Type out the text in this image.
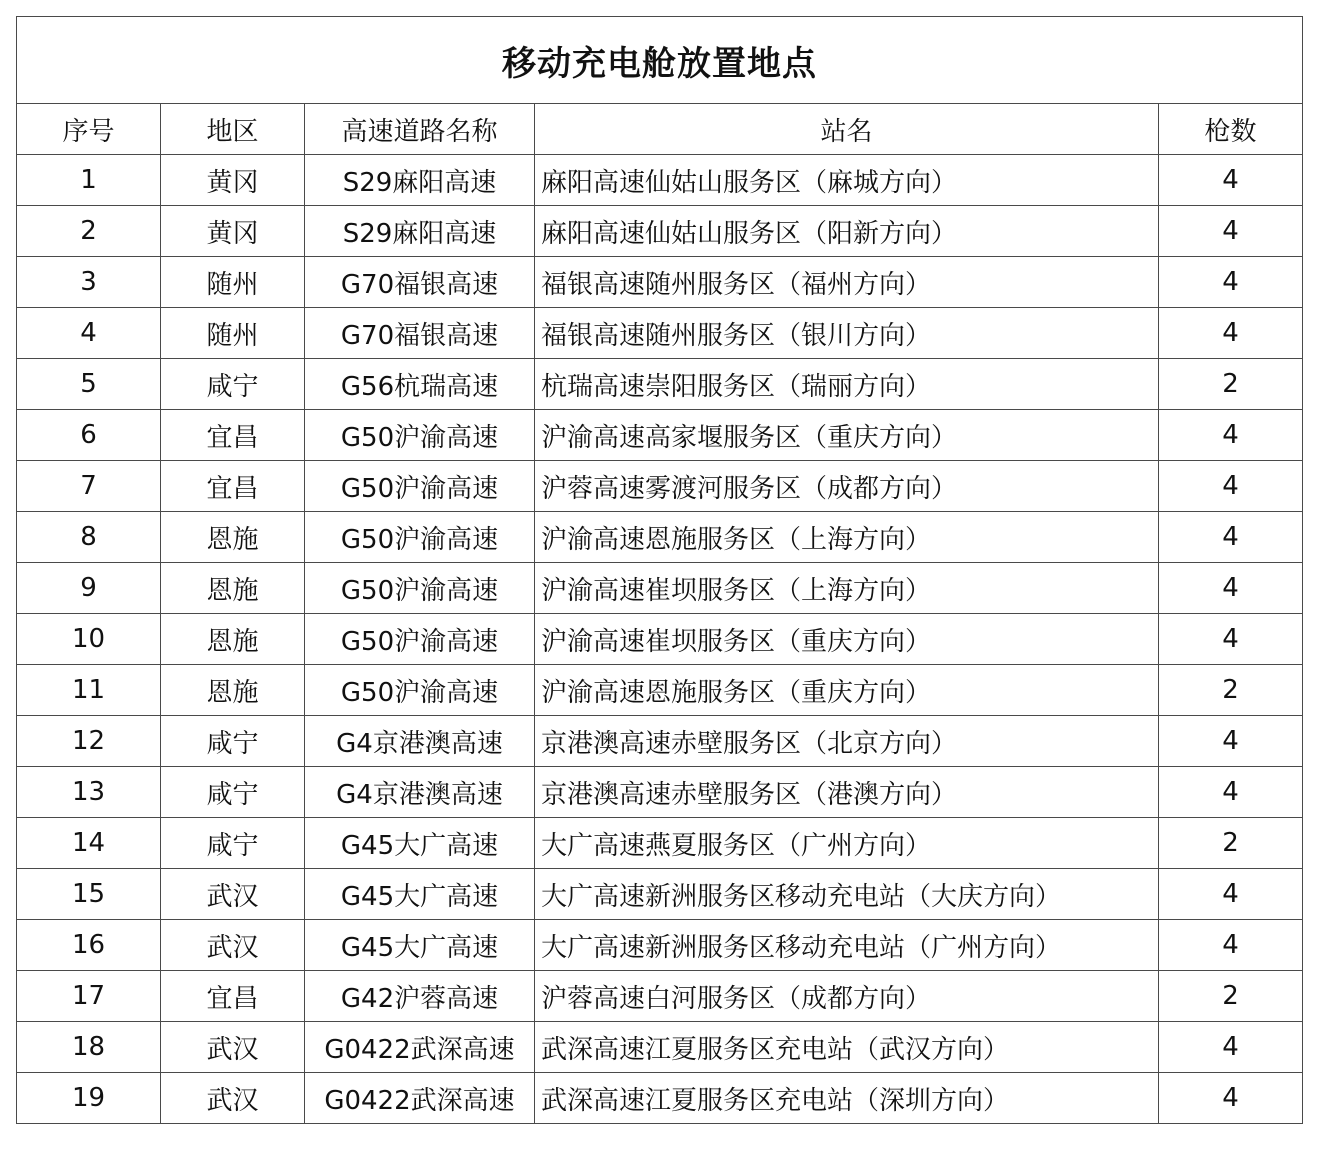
移动充电舱放置地点				
序号	地区	高速道路名称	站名	枪数
1	黄冈	S29麻阳高速	麻阳高速仙姑山服务区（麻城方向）	4
2	黄冈	S29麻阳高速	麻阳高速仙姑山服务区（阳新方向）	4
3	随州	G70福银高速	福银高速随州服务区（福州方向）	4
4	随州	G70福银高速	福银高速随州服务区（银川方向）	4
5	咸宁	G56杭瑞高速	杭瑞高速崇阳服务区（瑞丽方向）	2
6	宜昌	G50沪渝高速	沪渝高速高家堰服务区（重庆方向）	4
7	宜昌	G50沪渝高速	沪蓉高速雾渡河服务区（成都方向）	4
8	恩施	G50沪渝高速	沪渝高速恩施服务区（上海方向）	4
9	恩施	G50沪渝高速	沪渝高速崔坝服务区（上海方向）	4
10	恩施	G50沪渝高速	沪渝高速崔坝服务区（重庆方向）	4
11	恩施	G50沪渝高速	沪渝高速恩施服务区（重庆方向）	2
12	咸宁	G4京港澳高速	京港澳高速赤壁服务区（北京方向）	4
13	咸宁	G4京港澳高速	京港澳高速赤壁服务区（港澳方向）	4
14	咸宁	G45大广高速	大广高速燕夏服务区（广州方向）	2
15	武汉	G45大广高速	大广高速新洲服务区移动充电站（大庆方向）	4
16	武汉	G45大广高速	大广高速新洲服务区移动充电站（广州方向）	4
17	宜昌	G42沪蓉高速	沪蓉高速白河服务区（成都方向）	2
18	武汉	G0422武深高速	武深高速江夏服务区充电站（武汉方向）	4
19	武汉	G0422武深高速	武深高速江夏服务区充电站（深圳方向）	4
